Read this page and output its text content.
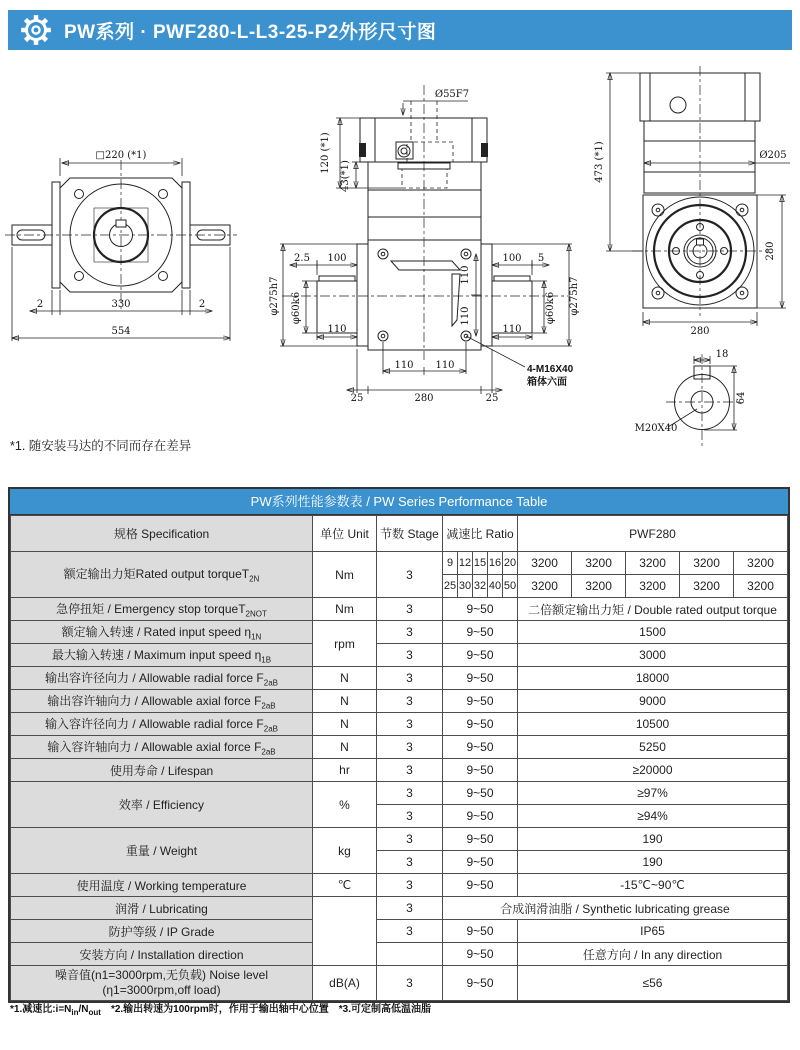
PW系列 · PWF280-L-L3-25-P2外形尺寸图
□220 (*1)
2	330	2
554
Ø55F7
120 (*1)
43(*1)
2.5 100
110
φ275h7 φ60k6
100 5
110
φ60k6 φ275h7
110
110
110 110
25	280	25
4-M16X40
箱体六面
473 (*1)	Ø205
280
280
18
64
M20X40
*1. 随安装马达的不同而存在差异
PW系列性能参数表 / PW Series Performance Table
规格 Specification	单位 Unit	节数 Stage	减速比 Ratio					PWF280				
额定输出力矩Rated output torqueT$_{2N}$	Nm	3	9	12	15	16	20	3200	3200	3200	3200	3200
			25	30	32	40	50	3200	3200	3200	3200	3200
急停扭矩 / Emergency stop torqueT$_{2NOT}$	Nm	3	9~50					二倍额定输出力矩 / Double rated output torque				
额定输入转速 / Rated input speed $\eta_{1N}$	rpm	3	9~50					1500				
最大输入转速 / Maximum input speed $\eta_{1B}$		3	9~50					3000				
输出容许径向力 / Allowable radial force $F_{2aB}$	N	3	9~50					18000				
输出容许轴向力 / Allowable axial force $F_{2aB}$	N	3	9~50					9000				
输入容许径向力 / Allowable radial force $F_{2aB}$	N	3	9~50					10500				
输入容许轴向力 / Allowable axial force $F_{2aB}$	N	3	9~50					5250				
使用寿命 / Lifespan	hr	3	9~50					≥20000				
效率 / Efficiency	%	3	9~50					≥97%				
		3	9~50					≥94%				
重量 / Weight	kg	3	9~50					190				
		3	9~50					190				
使用温度 / Working temperature	℃	3	9~50					-15℃~90℃				
润滑 / Lubricating		3	合成润滑油脂 / Synthetic lubricating grease									
防护等级 / IP Grade		3	9~50					IP65				
安装方向 / Installation direction			9~50					任意方向 / In any direction				

噪音值(n1=3000rpm,无负载) Noise level
(η1=3000rpm,off load)	dB(A)	3	9~50					≤56				
*1.减速比$:i=N_{in}/N_{out}$　*2.输出转速为100rpm时，作用于输出轴中心位置　*3.可定制高低温油脂
